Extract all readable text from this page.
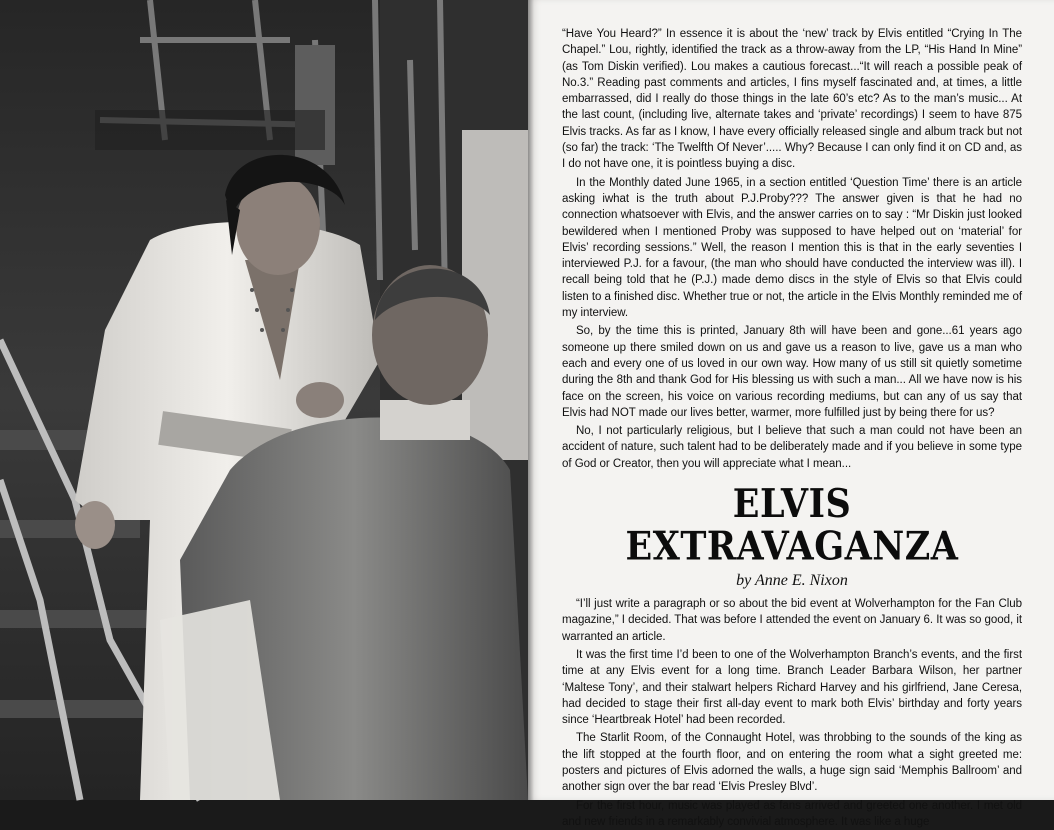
“Have You Heard?” In essence it is about the ‘new’ track by Elvis entitled “Crying In The Chapel.” Lou, rightly, identified the track as a throw-away from the LP, “His Hand In Mine” (as Tom Diskin verified). Lou makes a cautious forecast...“It will reach a possible peak of No.3.” Reading past comments and articles, I fins myself fascinated and, at times, a little embarrassed, did I really do those things in the late 60’s etc? As to the man’s music... At the last count, (including live, alternate takes and ‘private’ recordings) I seem to have 875 Elvis tracks. As far as I know, I have every officially released single and album track but not (so far) the track: ‘The Twelfth Of Never’..... Why? Because I can only find it on CD and, as I do not have one, it is pointless buying a disc.

In the Monthly dated June 1965, in a section entitled ‘Question Time’ there is an article asking iwhat is the truth about P.J.Proby??? The answer given is that he had no connection whatsoever with Elvis, and the answer carries on to say : “Mr Diskin just looked bewildered when I mentioned Proby was supposed to have helped out on ‘material’ for Elvis’ recording sessions.” Well, the reason I mention this is that in the early seventies I interviewed P.J. for a favour, (the man who should have conducted the interview was ill). I recall being told that he (P.J.) made demo discs in the style of Elvis so that Elvis could listen to a finished disc. Whether true or not, the article in the Elvis Monthly reminded me of my interview.

So, by the time this is printed, January 8th will have been and gone...61 years ago someone up there smiled down on us and gave us a reason to live, gave us a man who each and every one of us loved in our own way. How many of us still sit quietly sometime during the 8th and thank God for His blessing us with such a man... All we have now is his face on the screen, his voice on various recording mediums, but can any of us say that Elvis had NOT made our lives better, warmer, more fulfilled just by being there for us?

No, I not particularly religious, but I believe that such a man could not have been an accident of nature, such talent had to be deliberately made and if you believe in some type of God or Creator, then you will appreciate what I mean...

ELVIS EXTRAVAGANZA
by Anne E. Nixon

“I’ll just write a paragraph or so about the bid event at Wolverhampton for the Fan Club magazine,” I decided. That was before I attended the event on January 6. It was so good, it warranted an article.

It was the first time I’d been to one of the Wolverhampton Branch’s events, and the first time at any Elvis event for a long time. Branch Leader Barbara Wilson, her partner ‘Maltese Tony’, and their stalwart helpers Richard Harvey and his girlfriend, Jane Ceresa, had decided to stage their first all-day event to mark both Elvis’ birthday and forty years since ‘Heartbreak Hotel’ had been recorded.

The Starlit Room, of the Connaught Hotel, was throbbing to the sounds of the king as the lift stopped at the fourth floor, and on entering the room what a sight greeted me: posters and pictures of Elvis adorned the walls, a huge sign said ‘Memphis Ballroom’ and another sign over the bar read ‘Elvis Presley Blvd’.

For the first hour, music was played as fans arrived and greeted one another. I met old and new friends in a remarkably convivial atmosphere. It was like a huge
